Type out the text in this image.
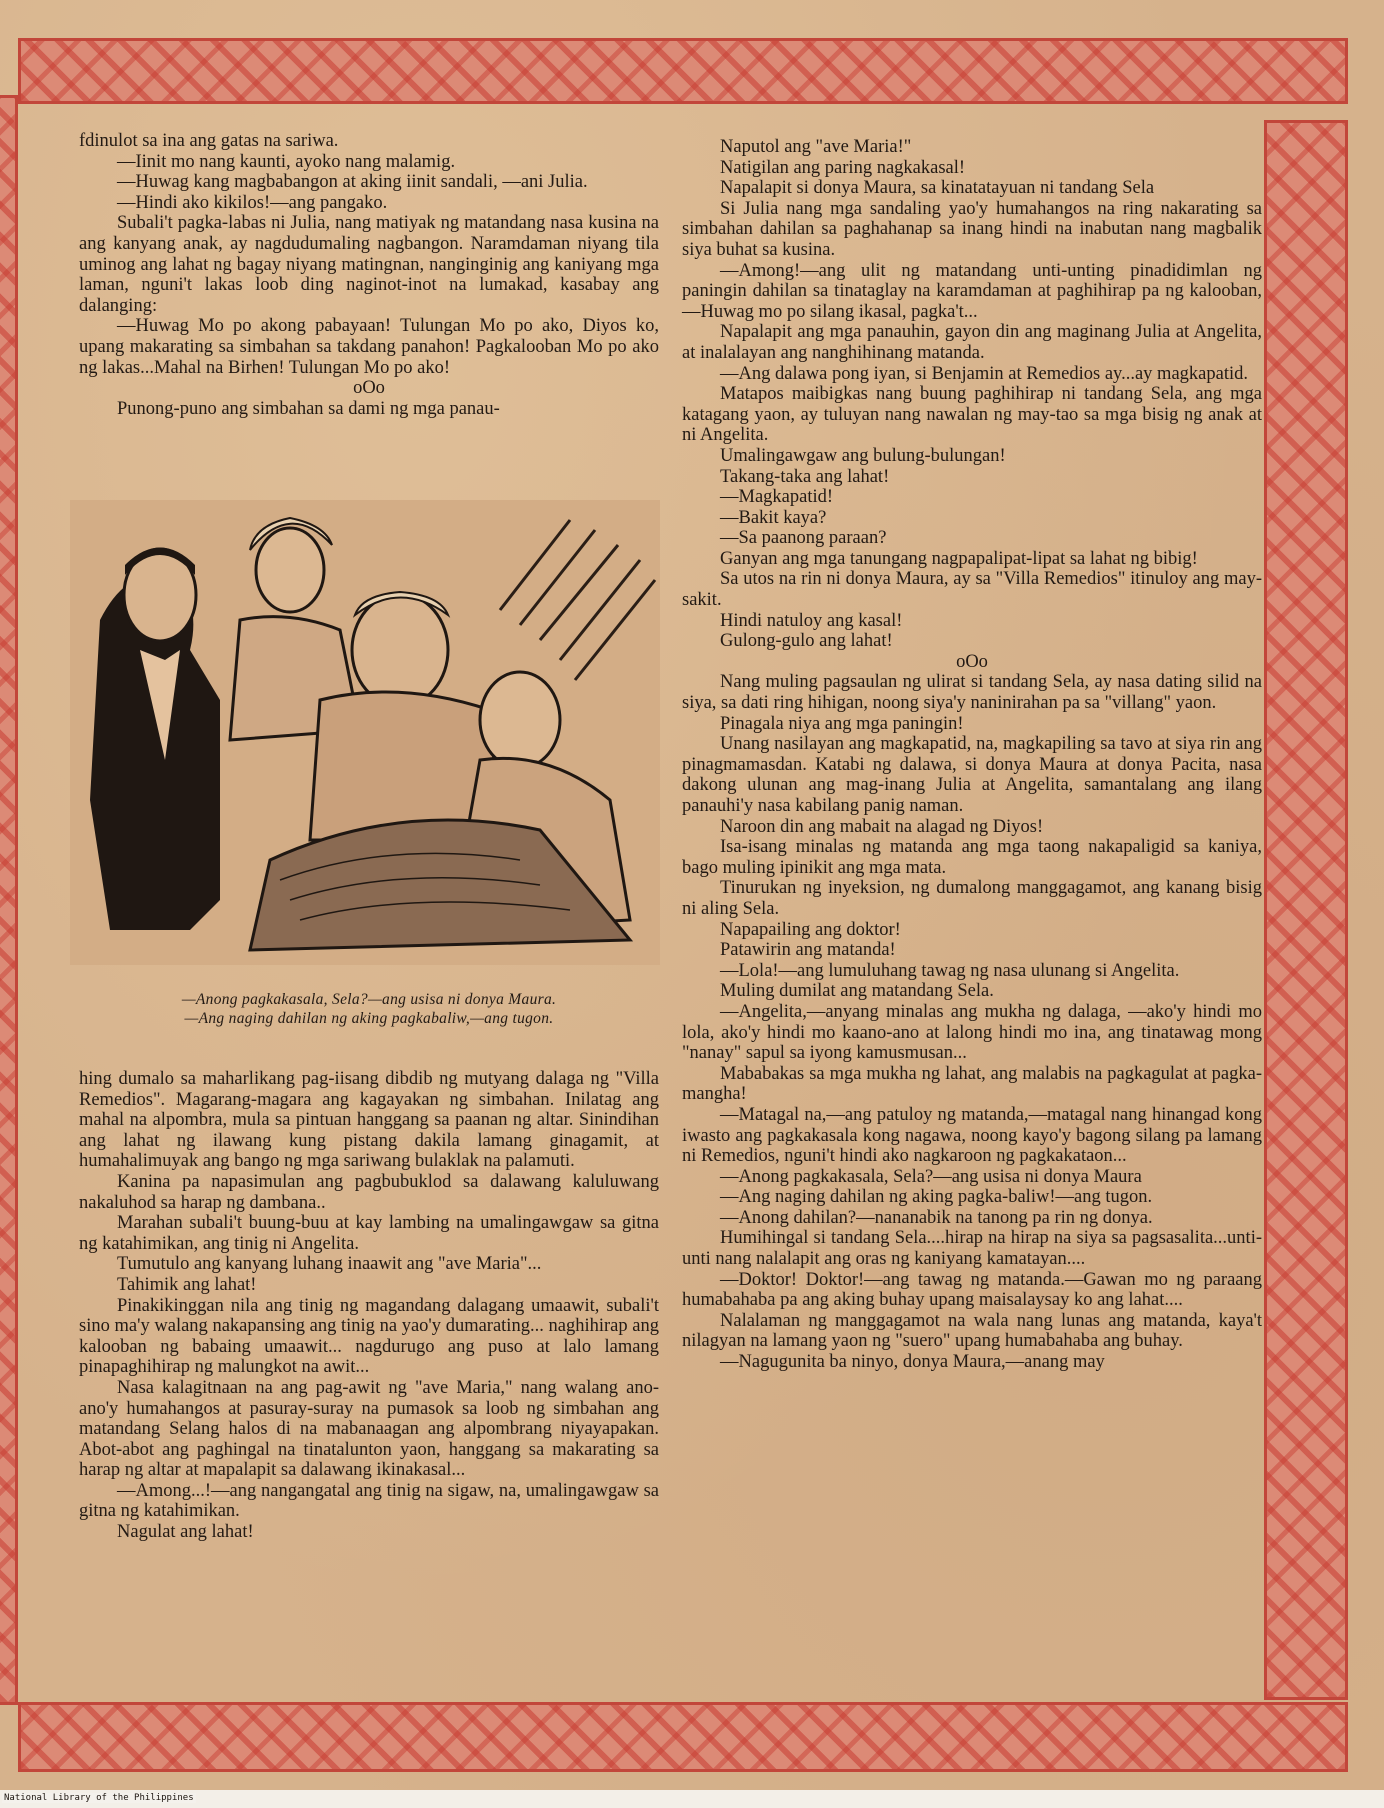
fdinulot sa ina ang gatas na sariwa.

—Iinit mo nang kaunti, ayoko nang malamig.

—Huwag kang magbabangon at aking iinit sandali, —ani Julia.

—Hindi ako kikilos!—ang pangako.

Subali't pagka-labas ni Julia, nang matiyak ng matandang nasa kusina na ang kanyang anak, ay nagdudumaling nagbangon. Naramdaman niyang tila uminog ang lahat ng bagay niyang matingnan, nanginginig ang kaniyang mga laman, nguni't lakas loob ding naginot-inot na lumakad, kasabay ang dalanging:

—Huwag Mo po akong pabayaan! Tulungan Mo po ako, Diyos ko, upang makarating sa simbahan sa takdang panahon! Pagkalooban Mo po ako ng lakas...Mahal na Birhen! Tulungan Mo po ako!

oOo

Punong-puno ang simbahan sa dami ng mga panau-

—Anong pagkakasala, Sela?—ang usisa ni donya Maura.
—Ang naging dahilan ng aking pagkabaliw,—ang tugon.

hing dumalo sa maharlikang pag-iisang dibdib ng mutyang dalaga ng "Villa Remedios". Magarang-magara ang kagayakan ng simbahan. Inilatag ang mahal na alpombra, mula sa pintuan hanggang sa paanan ng altar. Sinindihan ang lahat ng ilawang kung pistang dakila lamang ginagamit, at humahalimuyak ang bango ng mga sariwang bulaklak na palamuti.

Kanina pa napasimulan ang pagbubuklod sa dalawang kaluluwang nakaluhod sa harap ng dambana..

Marahan subali't buung-buu at kay lambing na umalingawgaw sa gitna ng katahimikan, ang tinig ni Angelita.

Tumutulo ang kanyang luhang inaawit ang "ave Maria"...

Tahimik ang lahat!

Pinakikinggan nila ang tinig ng magandang dalagang umaawit, subali't sino ma'y walang nakapansing ang tinig na yao'y dumarating... naghihirap ang kalooban ng babaing umaawit... nagdurugo ang puso at lalo lamang pinapaghihirap ng malungkot na awit...

Nasa kalagitnaan na ang pag-awit ng "ave Maria," nang walang ano-ano'y humahangos at pasuray-suray na pumasok sa loob ng simbahan ang matandang Selang halos di na mabanaagan ang alpombrang niyayapakan. Abot-abot ang paghingal na tinatalunton yaon, hanggang sa makarating sa harap ng altar at mapalapit sa dalawang ikinakasal...

—Among...!—ang nangangatal ang tinig na sigaw, na, umalingawgaw sa gitna ng katahimikan.

Nagulat ang lahat!

Naputol ang "ave Maria!"

Natigilan ang paring nagkakasal!

Napalapit si donya Maura, sa kinatatayuan ni tandang Sela

Si Julia nang mga sandaling yao'y humahangos na ring nakarating sa simbahan dahilan sa paghahanap sa inang hindi na inabutan nang magbalik siya buhat sa kusina.

—Among!—ang ulit ng matandang unti-unting pinadidimlan ng paningin dahilan sa tinataglay na karamdaman at paghihirap pa ng kalooban,—Huwag mo po silang ikasal, pagka't...

Napalapit ang mga panauhin, gayon din ang maginang Julia at Angelita, at inalalayan ang nanghihinang matanda.

—Ang dalawa pong iyan, si Benjamin at Remedios ay...ay magkapatid.

Matapos maibigkas nang buung paghihirap ni tandang Sela, ang mga katagang yaon, ay tuluyan nang nawalan ng may-tao sa mga bisig ng anak at ni Angelita.

Umalingawgaw ang bulung-bulungan!

Takang-taka ang lahat!

—Magkapatid!

—Bakit kaya?

—Sa paanong paraan?

Ganyan ang mga tanungang nagpapalipat-lipat sa lahat ng bibig!

Sa utos na rin ni donya Maura, ay sa "Villa Remedios" itinuloy ang may-sakit.

Hindi natuloy ang kasal!

Gulong-gulo ang lahat!

oOo

Nang muling pagsaulan ng ulirat si tandang Sela, ay nasa dating silid na siya, sa dati ring hihigan, noong siya'y naninirahan pa sa "villang" yaon.

Pinagala niya ang mga paningin!

Unang nasilayan ang magkapatid, na, magkapiling sa tavo at siya rin ang pinagmamasdan. Katabi ng dalawa, si donya Maura at donya Pacita, nasa dakong ulunan ang mag-inang Julia at Angelita, samantalang ang ilang panauhi'y nasa kabilang panig naman.

Naroon din ang mabait na alagad ng Diyos!

Isa-isang minalas ng matanda ang mga taong nakapaligid sa kaniya, bago muling ipinikit ang mga mata.

Tinurukan ng inyeksion, ng dumalong manggagamot, ang kanang bisig ni aling Sela.

Napapailing ang doktor!

Patawirin ang matanda!

—Lola!—ang lumuluhang tawag ng nasa ulunang si Angelita.

Muling dumilat ang matandang Sela.

—Angelita,—anyang minalas ang mukha ng dalaga, —ako'y hindi mo lola, ako'y hindi mo kaano-ano at lalong hindi mo ina, ang tinatawag mong "nanay" sapul sa iyong kamusmusan...

Mababakas sa mga mukha ng lahat, ang malabis na pagkagulat at pagka-mangha!

—Matagal na,—ang patuloy ng matanda,—matagal nang hinangad kong iwasto ang pagkakasala kong nagawa, noong kayo'y bagong silang pa lamang ni Remedios, nguni't hindi ako nagkaroon ng pagkakataon...

—Anong pagkakasala, Sela?—ang usisa ni donya Maura

—Ang naging dahilan ng aking pagka-baliw!—ang tugon.

—Anong dahilan?—nananabik na tanong pa rin ng donya.

Humihingal si tandang Sela....hirap na hirap na siya sa pagsasalita...unti-unti nang nalalapit ang oras ng kaniyang kamatayan....

—Doktor! Doktor!—ang tawag ng matanda.—Gawan mo ng paraang humabahaba pa ang aking buhay upang maisalaysay ko ang lahat....

Nalalaman ng manggagamot na wala nang lunas ang matanda, kaya't nilagyan na lamang yaon ng "suero" upang humabahaba ang buhay.

—Nagugunita ba ninyo, donya Maura,—anang may

National Library of the Philippines
